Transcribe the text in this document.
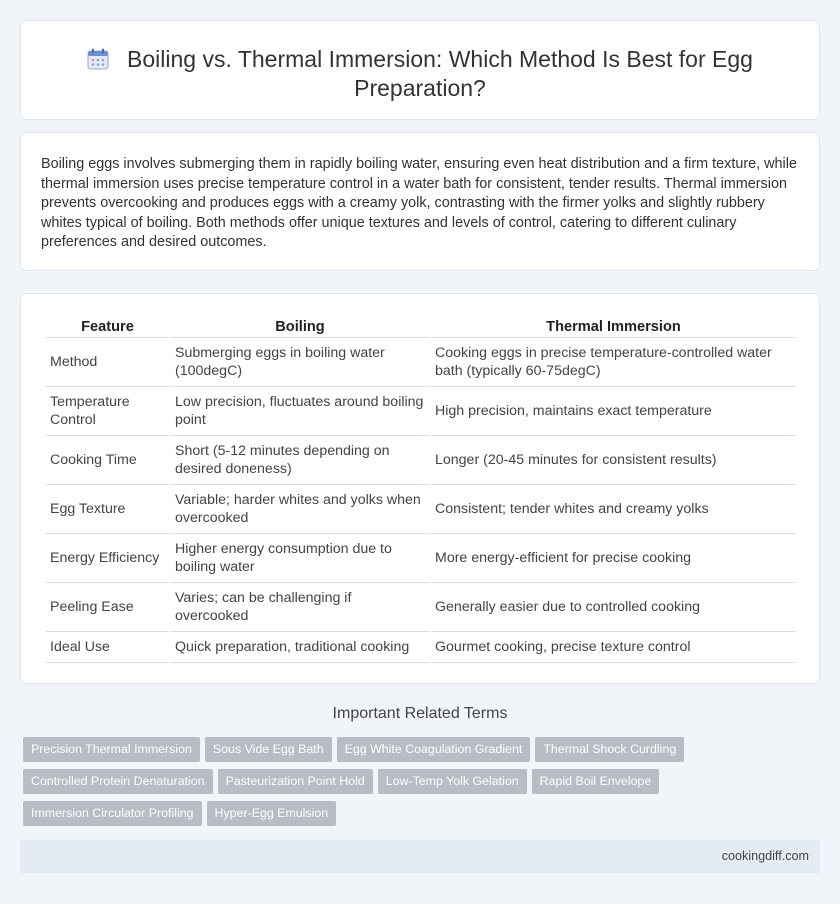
Boiling vs. Thermal Immersion: Which Method Is Best for Egg Preparation?

Boiling eggs involves submerging them in rapidly boiling water, ensuring even heat distribution and a firm texture, while thermal immersion uses precise temperature control in a water bath for consistent, tender results. Thermal immersion prevents overcooking and produces eggs with a creamy yolk, contrasting with the firmer yolks and slightly rubbery whites typical of boiling. Both methods offer unique textures and levels of control, catering to different culinary preferences and desired outcomes.

Feature	Boiling	Thermal Immersion
Method	Submerging eggs in boiling water (100degC)	Cooking eggs in precise temperature-controlled water bath (typically 60-75degC)
Temperature Control	Low precision, fluctuates around boiling point	High precision, maintains exact temperature
Cooking Time	Short (5-12 minutes depending on desired doneness)	Longer (20-45 minutes for consistent results)
Egg Texture	Variable; harder whites and yolks when overcooked	Consistent; tender whites and creamy yolks
Energy Efficiency	Higher energy consumption due to boiling water	More energy-efficient for precise cooking
Peeling Ease	Varies; can be challenging if overcooked	Generally easier due to controlled cooking
Ideal Use	Quick preparation, traditional cooking	Gourmet cooking, precise texture control
Important Related Terms
Precision Thermal Immersion Sous Vide Egg Bath Egg White Coagulation Gradient Thermal Shock Curdling
Controlled Protein Denaturation Pasteurization Point Hold Low-Temp Yolk Gelation Rapid Boil Envelope
Immersion Circulator Profiling Hyper-Egg Emulsion
cookingdiff.com
